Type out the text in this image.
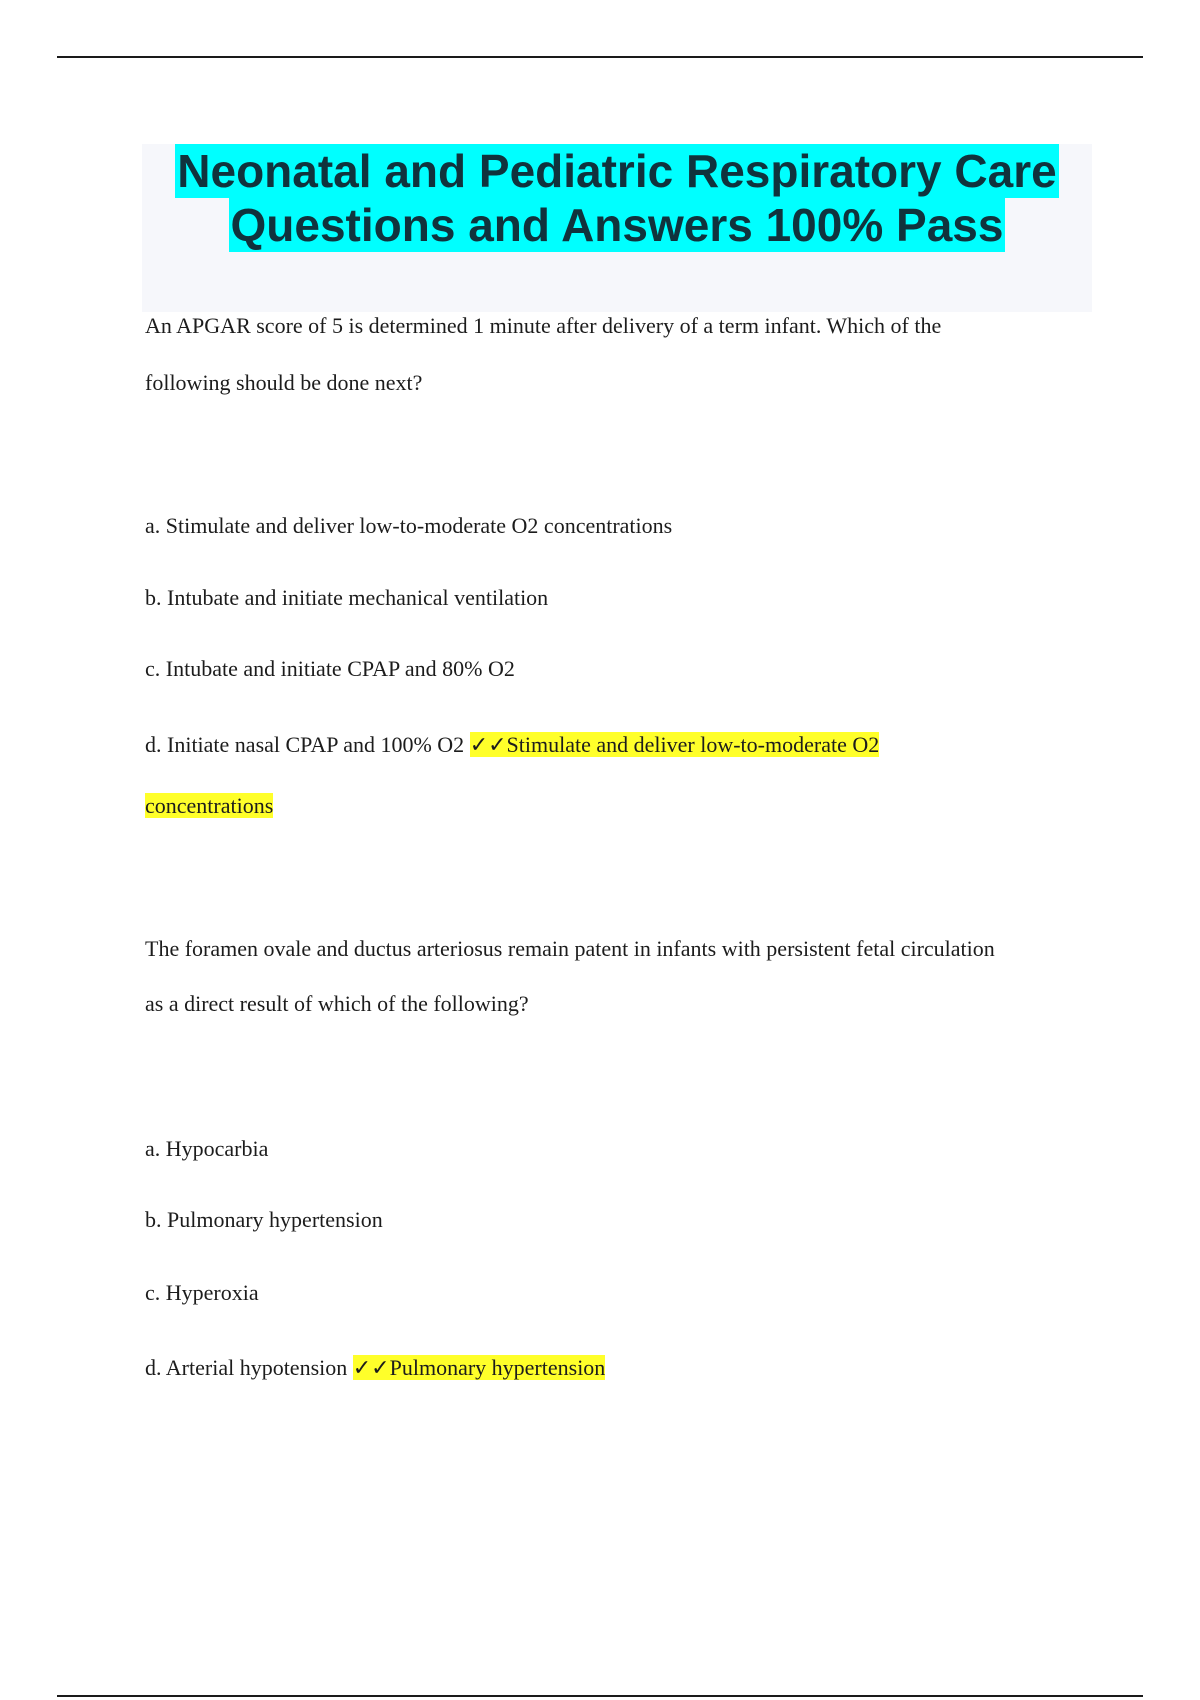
Neonatal and Pediatric Respiratory Care
Questions and Answers 100% Pass
An APGAR score of 5 is determined 1 minute after delivery of a term infant. Which of the
following should be done next?
a. Stimulate and deliver low-to-moderate O2 concentrations
b. Intubate and initiate mechanical ventilation
c. Intubate and initiate CPAP and 80% O2
d. Initiate nasal CPAP and 100% O2 ✓✓Stimulate and deliver low-to-moderate O2
concentrations
The foramen ovale and ductus arteriosus remain patent in infants with persistent fetal circulation
as a direct result of which of the following?
a. Hypocarbia
b. Pulmonary hypertension
c. Hyperoxia
d. Arterial hypotension ✓✓Pulmonary hypertension
